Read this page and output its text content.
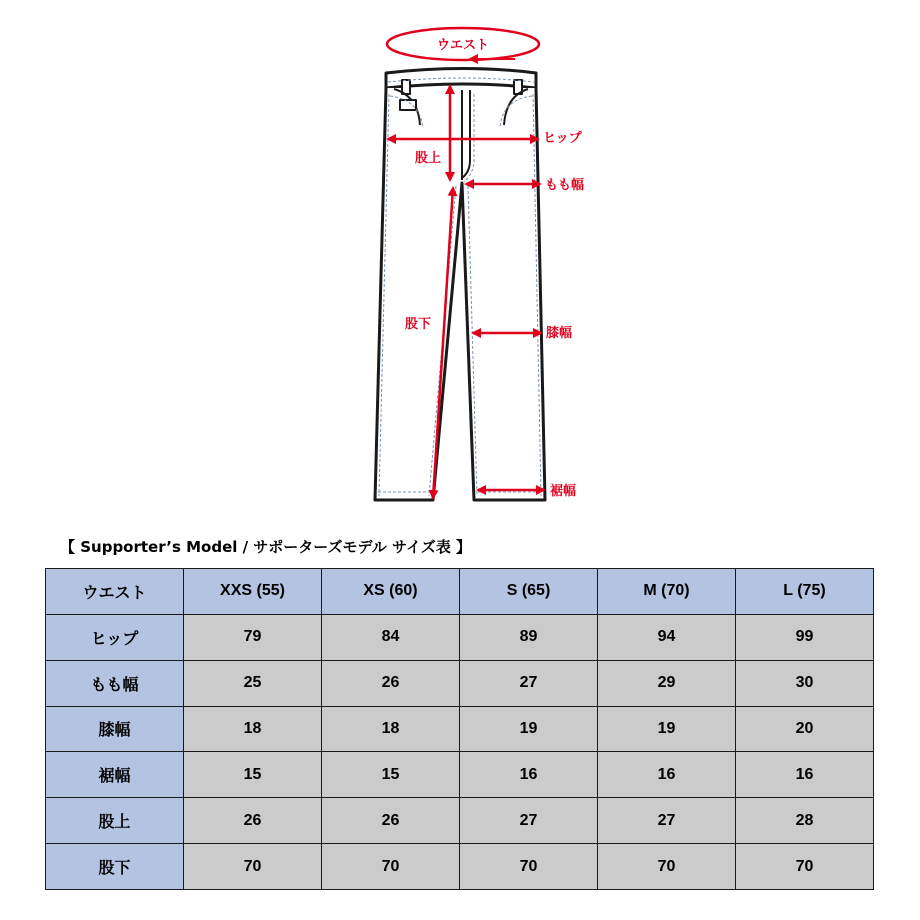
ウエスト
ヒップ
股上
もも幅
股下
膝幅
裾幅
【 Supporter’s Model / サポーターズモデル サイズ表 】
ウエスト	XXS (55)	XS (60)	S (65)	M (70)	L (75)
ヒップ	79	84	89	94	99
もも幅	25	26	27	29	30
膝幅	18	18	19	19	20
裾幅	15	15	16	16	16
股上	26	26	27	27	28
股下	70	70	70	70	70
